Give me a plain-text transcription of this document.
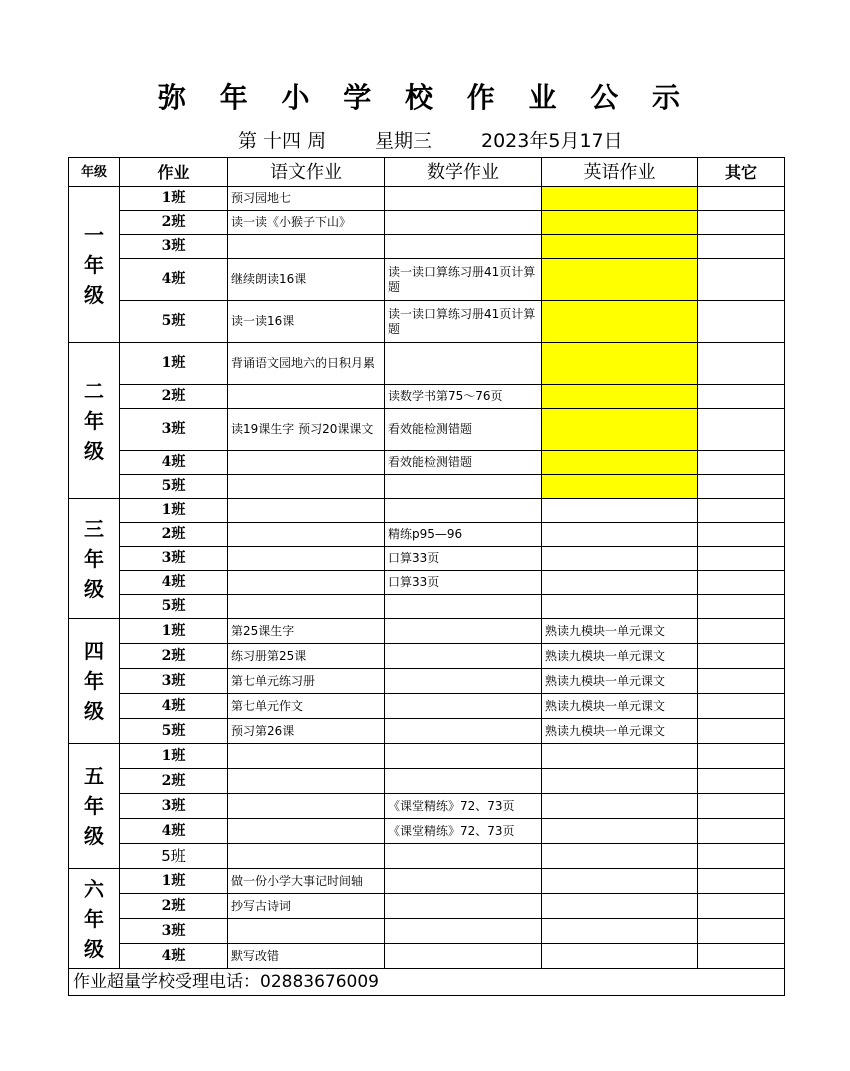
弥 年 小 学 校 作 业 公 示
第 十四 周	星期三	2023年5月17日
年级	作业	语文作业	数学作业	英语作业	其它
一
年
级	1班	预习园地七			
	2班	读一读《小猴子下山》			
	3班				
	4班	继续朗读16课	读一读口算练习册41页计算题		
	5班	读一读16课	读一读口算练习册41页计算题		
二
年
级	1班	背诵语文园地六的日积月累			
	2班		读数学书第75～76页		
	3班	读19课生字 预习20课课文	看效能检测错题		
	4班		看效能检测错题		
	5班				
三
年
级	1班				
	2班		精练p95—96		
	3班		口算33页		
	4班		口算33页		
	5班				
四
年
级	1班	第25课生字		熟读九模块一单元课文	
	2班	练习册第25课		熟读九模块一单元课文	
	3班	第七单元练习册		熟读九模块一单元课文	
	4班	第七单元作文		熟读九模块一单元课文	
	5班	预习第26课		熟读九模块一单元课文	
五
年
级	1班				
	2班				
	3班		《课堂精练》72、73页		
	4班		《课堂精练》72、73页		
	5班				
六
年
级	1班	做一份小学大事记时间轴			
	2班	抄写古诗词			
	3班				
	4班	默写改错			
作业超量学校受理电话：02883676009					
